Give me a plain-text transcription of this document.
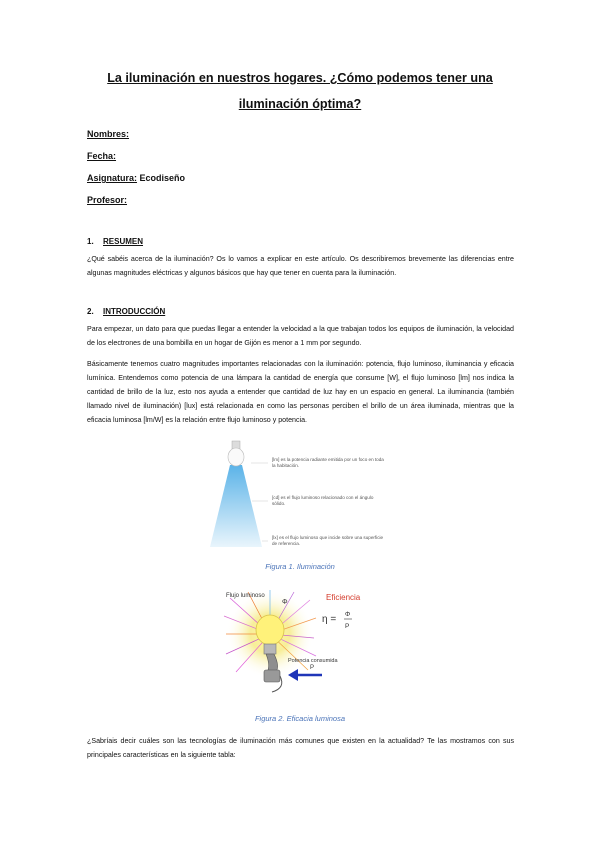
La iluminación en nuestros hogares. ¿Cómo podemos tener una
iluminación óptima?
Nombres:
Fecha:
Asignatura: Ecodiseño
Profesor:
1. RESUMEN
¿Qué sabéis acerca de la iluminación? Os lo vamos a explicar en este artículo. Os describiremos brevemente las diferencias entre algunas magnitudes eléctricas y algunos básicos que hay que tener en cuenta para la iluminación.
2. INTRODUCCIÓN
Para empezar, un dato para que puedas llegar a entender la velocidad a la que trabajan todos los equipos de iluminación, la velocidad de los electrones de una bombilla en un hogar de Gijón es menor a 1 mm por segundo.
Básicamente tenemos cuatro magnitudes importantes relacionadas con la iluminación: potencia, flujo luminoso, iluminancia y eficacia lumínica. Entendemos como potencia de una lámpara la cantidad de energía que consume [W], el flujo luminoso [lm] nos indica la cantidad de brillo de la luz, esto nos ayuda a entender que cantidad de luz hay en un espacio en general. La iluminancia (también llamado nivel de iluminación) [lux] está relacionada en como las personas perciben el brillo de un área iluminada, mientras que la eficacia luminosa [lm/W] es la relación entre flujo luminoso y potencia.
[lm] es la potencia radiante emitida por un foco en toda la habitación.
[cd] es el flujo luminoso relacionado con el ángulo sólido.
[lx] es el flujo luminoso que incide sobre una superficie de referencia.
Figura 1. Iluminación
Flujo luminoso
Φ
Eficiencia
η = Φ
P
Potencia consumida
P
Figura 2. Eficacia luminosa
¿Sabríais decir cuáles son las tecnologías de iluminación más comunes que existen en la actualidad? Te las mostramos con sus principales características en la siguiente tabla:
